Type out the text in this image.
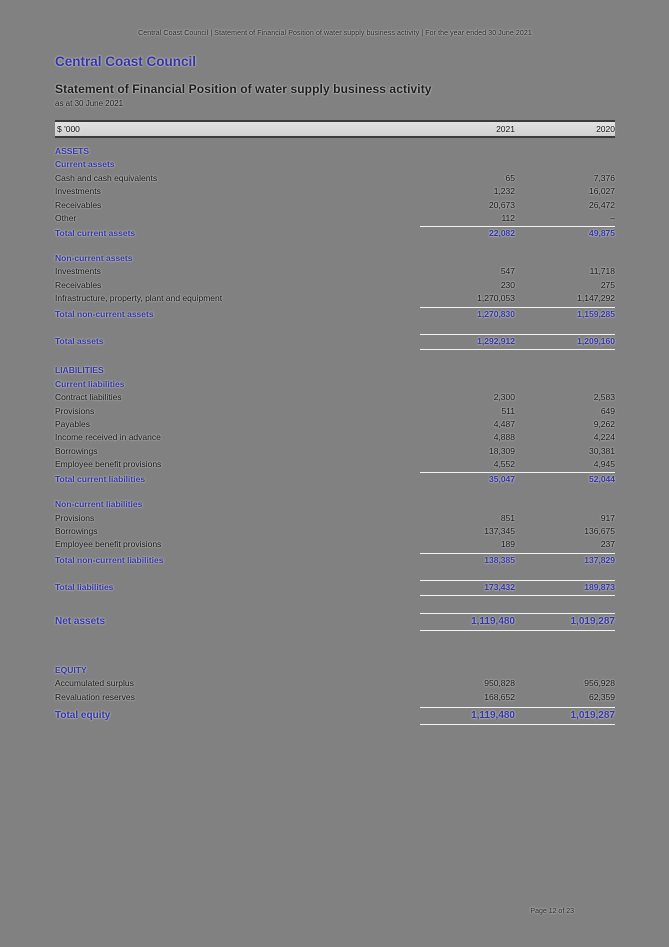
Central Coast Council | Statement of Financial Position of water supply business activity | For the year ended 30 June 2021
Central Coast Council
Statement of Financial Position of water supply business activity
as at 30 June 2021
$ '000	2021	2020
ASSETS
Current assets
Cash and cash equivalents	65	7,376
Investments	1,232	16,027
Receivables	20,673	26,472
Other	112	–
Total current assets	22,082	49,875
Non-current assets
Investments	547	11,718
Receivables	230	275
Infrastructure, property, plant and equipment	1,270,053	1,147,292
Total non-current assets	1,270,830	1,159,285
Total assets	1,292,912	1,209,160
LIABILITIES
Current liabilities
Contract liabilities	2,300	2,583
Provisions	511	649
Payables	4,487	9,262
Income received in advance	4,888	4,224
Borrowings	18,309	30,381
Employee benefit provisions	4,552	4,945
Total current liabilities	35,047	52,044
Non-current liabilities
Provisions	851	917
Borrowings	137,345	136,675
Employee benefit provisions	189	237
Total non-current liabilities	138,385	137,829
Total liabilities	173,432	189,873
Net assets	1,119,480	1,019,287
EQUITY
Accumulated surplus	950,828	956,928
Revaluation reserves	168,652	62,359
Total equity	1,119,480	1,019,287
Page 12 of 23
